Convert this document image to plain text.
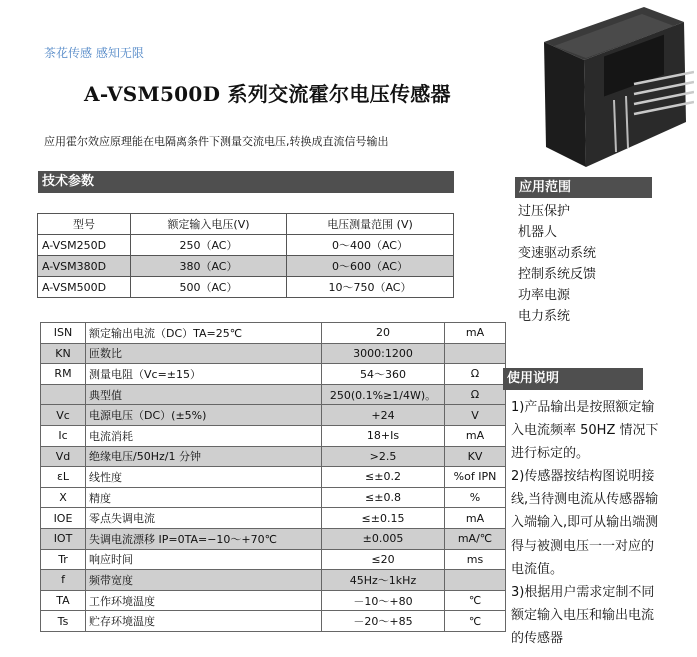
茶花传感 感知无限
A-VSM500D 系列交流霍尔电压传感器
应用霍尔效应原理能在电隔离条件下测量交流电压,转换成直流信号输出
技术参数
型号	额定输入电压(V)	电压测量范围 (V)
A-VSM250D	250（AC）	0～400（AC）
A-VSM380D	380（AC）	0～600（AC）
A-VSM500D	500（AC）	10～750（AC）
ISN	额定输出电流（DC）TA=25℃	20	mA
KN	匝数比	3000:1200	
RM	测量电阻（Vc=±15）	54～360	Ω
	典型值	250(0.1%≥1/4W)。	Ω
Vc	电源电压（DC）(±5%)	+24	V
Ic	电流消耗	18+Is	mA
Vd	绝缘电压/50Hz/1 分钟	>2.5	KV
εL	线性度	≤±0.2	%of IPN
X	精度	≤±0.8	%
IOE	零点失调电流	≤±0.15	mA
IOT	失调电流漂移 IP=0TA=−10～+70℃	±0.005	mA/℃
Tr	响应时间	≤20	ms
f	频带宽度	45Hz～1kHz	
TA	工作环境温度	－10～+80	℃
Ts	贮存环境温度	－20～+85	℃
应用范围
过压保护
机器人
变速驱动系统
控制系统反馈
功率电源
电力系统
使用说明

1)产品输出是按照额定输入电流频率 50HZ 情况下进行标定的。

2)传感器按结构图说明接线,当待测电流从传感器输入端输入,即可从输出端测得与被测电压一一对应的电流值。

3)根据用户需求定制不同额定输入电压和输出电流的传感器
